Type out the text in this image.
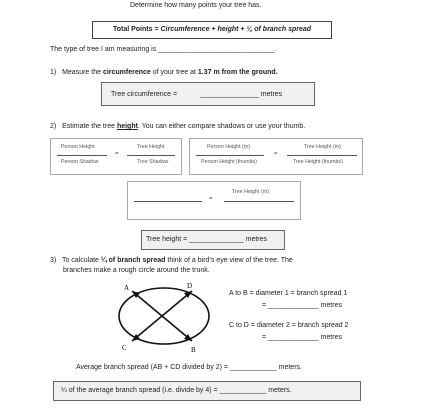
Determine how many points your tree has.
Total Points = Circumference + height + ¼ of branch spread
The type of tree I am measuring is ______________________________.
1) Measure the circumference of your tree at 1.37 m from the ground.
Tree circumference =	_______________ metres
2) Estimate the tree height. You can either compare shadows or use your thumb.
Person Height
Person Shadow
=
Tree Height
Tree Shadow
Person Height (m)
Person Height (thumbs)
=
Tree Height (m)
Tree Height (thumbs)
Tree Height (m)
=
Tree height = ______________ metres
3) To calculate ¼ of branch spread think of a bird’s eye view of the tree. The
branches make a rough circle around the trunk.
A	D
C	B
A to B = diameter 1 = branch spread 1
= _____________ metres
C to D = diameter 2 = branch spread 2
= _____________ metres
Average branch spread (AB + CD divided by 2) = ____________ meters.
¼ of the average branch spread (i.e. divide by 4) = ____________ meters.
